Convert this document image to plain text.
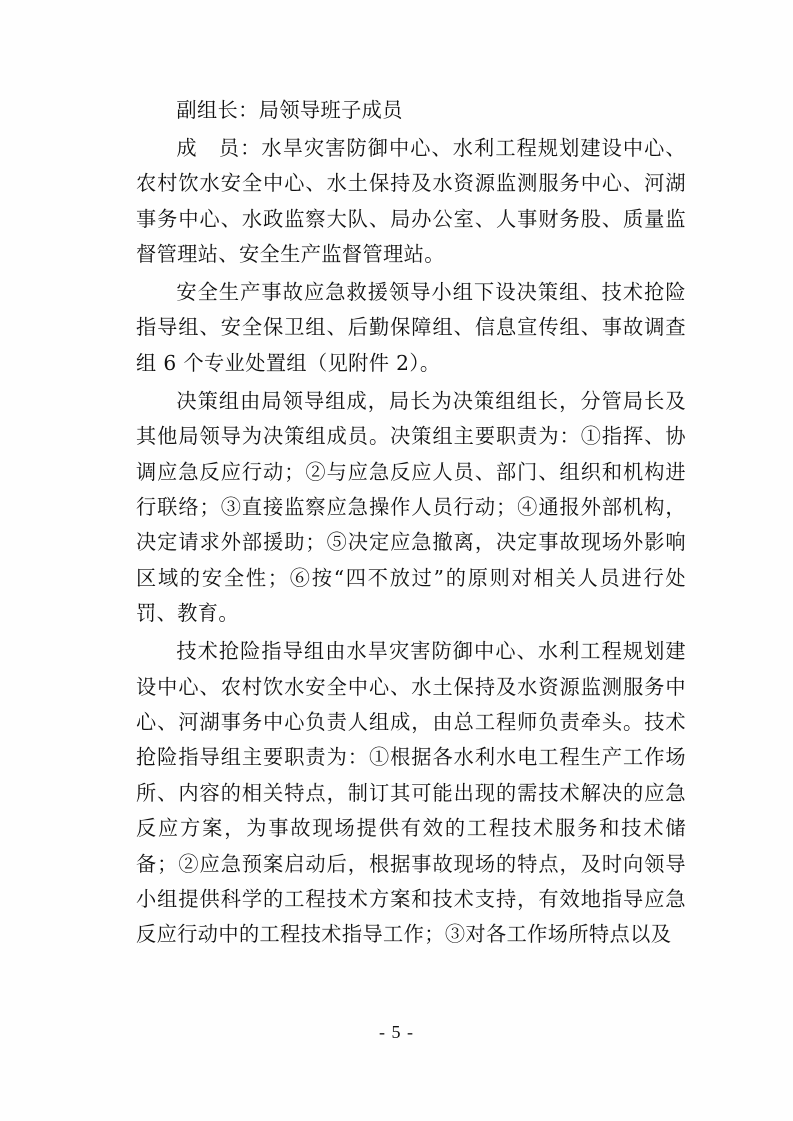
副组长：局领导班子成员

成　员：水旱灾害防御中心、水利工程规划建设中心、农村饮水安全中心、水土保持及水资源监测服务中心、河湖事务中心、水政监察大队、局办公室、人事财务股、质量监督管理站、安全生产监督管理站。

安全生产事故应急救援领导小组下设决策组、技术抢险指导组、安全保卫组、后勤保障组、信息宣传组、事故调查组 6 个专业处置组（见附件 2）。

决策组由局领导组成，局长为决策组组长，分管局长及其他局领导为决策组成员。决策组主要职责为：①指挥、协调应急反应行动；②与应急反应人员、部门、组织和机构进行联络；③直接监察应急操作人员行动；④通报外部机构，决定请求外部援助；⑤决定应急撤离，决定事故现场外影响区域的安全性；⑥按“四不放过”的原则对相关人员进行处罚、教育。

技术抢险指导组由水旱灾害防御中心、水利工程规划建设中心、农村饮水安全中心、水土保持及水资源监测服务中心、河湖事务中心负责人组成，由总工程师负责牵头。技术抢险指导组主要职责为：①根据各水利水电工程生产工作场所、内容的相关特点，制订其可能出现的需技术解决的应急反应方案，为事故现场提供有效的工程技术服务和技术储备；②应急预案启动后，根据事故现场的特点，及时向领导小组提供科学的工程技术方案和技术支持，有效地指导应急反应行动中的工程技术指导工作；③对各工作场所特点以及

- 5 -
